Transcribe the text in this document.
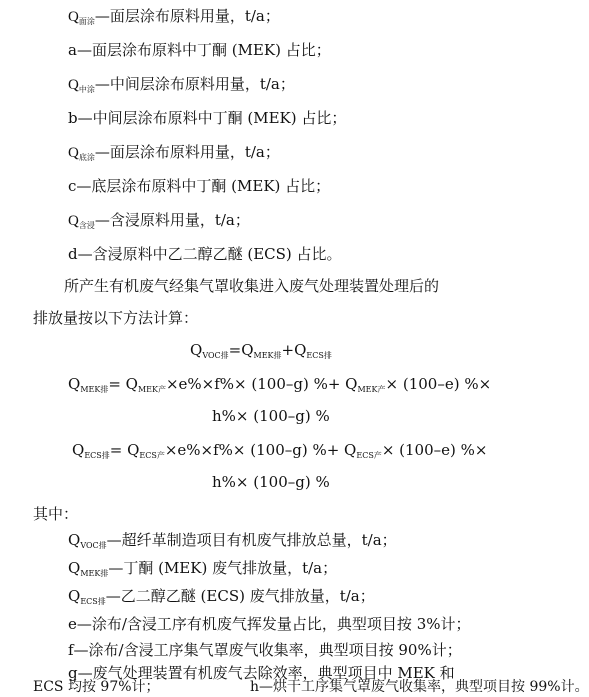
$Q_{面涂}—$面层涂布原料用量，t/a；
a—面层涂布原料中丁酮 (MEK) 占比；
$Q_{中涂}—$中间层涂布原料用量，t/a；
b—中间层涂布原料中丁酮 (MEK) 占比；
$Q_{底涂}—$面层涂布原料用量，t/a；
c—底层涂布原料中丁酮 (MEK) 占比；
$Q_{含浸}—$含浸原料用量，t/a；
d—含浸原料中乙二醇乙醚 (ECS) 占比。
所产生有机废气经集气罩收集进入废气处理装置处理后的
排放量按以下方法计算：
$Q_{VOC排}=Q_{MEK排}+Q_{ECS排}$
$Q_{MEK排}= Q_{MEK产}\times e\%\times f\%\times (100-g)$ %+ $Q_{MEK产}\times (100-e)$ %×
h%× (100–g) %
$Q_{ECS排}= Q_{ECS产}\times e\%\times f\%\times (100-g)$ %+ $Q_{ECS产}\times (100-e)$ %×
h%× (100–g) %
其中：
$Q_{VOC排}—$超纤革制造项目有机废气排放总量，t/a；
$Q_{MEK排}—$丁酮 (MEK) 废气排放量，t/a；
$Q_{ECS排}—$乙二醇乙醚 (ECS) 废气排放量，t/a；
e—涂布/含浸工序有机废气挥发量占比，典型项目按 3%计；
f—涂布/含浸工序集气罩废气收集率，典型项目按 90%计；
g—废气处理装置有机废气去除效率，典型项目中 MEK 和
ECS 均按 97%计；	h—烘干工序集气罩废气收集率，典型项目按 99%计。
